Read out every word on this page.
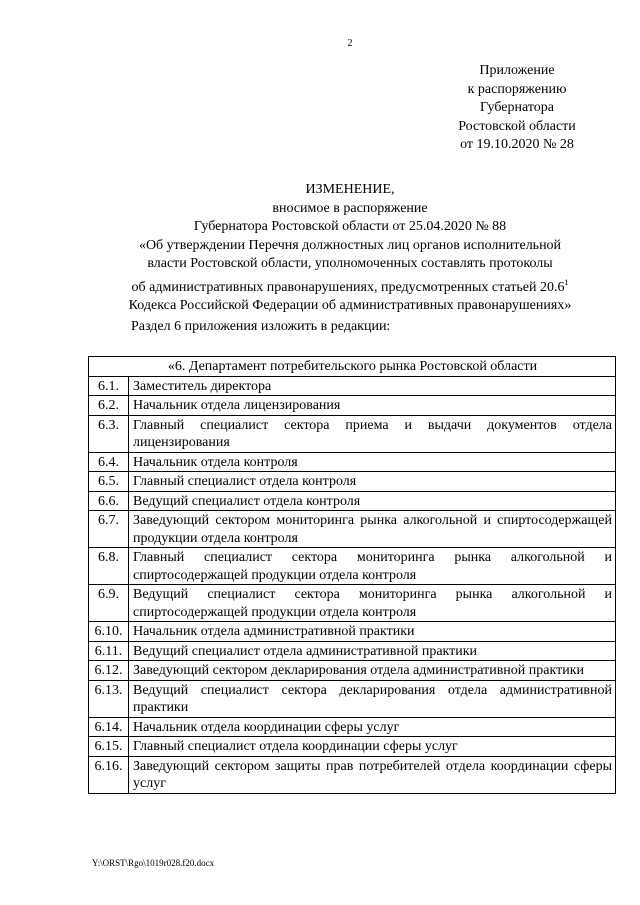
2
Приложение
к распоряжению
Губернатора
Ростовской области
от 19.10.2020 № 28
ИЗМЕНЕНИЕ,
вносимое в распоряжение
Губернатора Ростовской области от 25.04.2020 № 88
«Об утверждении Перечня должностных лиц органов исполнительной
власти Ростовской области, уполномоченных составлять протоколы
об административных правонарушениях, предусмотренных статьей 20.6$^1$
Кодекса Российской Федерации об административных правонарушениях»
Раздел 6 приложения изложить в редакции:
«6. Департамент потребительского рынка Ростовской области	
6.1.	Заместитель директора
6.2.	Начальник отдела лицензирования
6.3.	Главный специалист сектора приема и выдачи документов отдела лицензирования
6.4.	Начальник отдела контроля
6.5.	Главный специалист отдела контроля
6.6.	Ведущий специалист отдела контроля
6.7.	Заведующий сектором мониторинга рынка алкогольной и спиртосодержащей продукции отдела контроля
6.8.	Главный специалист сектора мониторинга рынка алкогольной и спиртосодержащей продукции отдела контроля
6.9.	Ведущий специалист сектора мониторинга рынка алкогольной и спиртосодержащей продукции отдела контроля
6.10.	Начальник отдела административной практики
6.11.	Ведущий специалист отдела административной практики
6.12.	Заведующий сектором декларирования отдела административной практики
6.13.	Ведущий специалист сектора декларирования отдела административной практики
6.14.	Начальник отдела координации сферы услуг
6.15.	Главный специалист отдела координации сферы услуг
6.16.	Заведующий сектором защиты прав потребителей отдела координации сферы услуг
Y:\ORST\Rgo\1019r028.f20.docx
